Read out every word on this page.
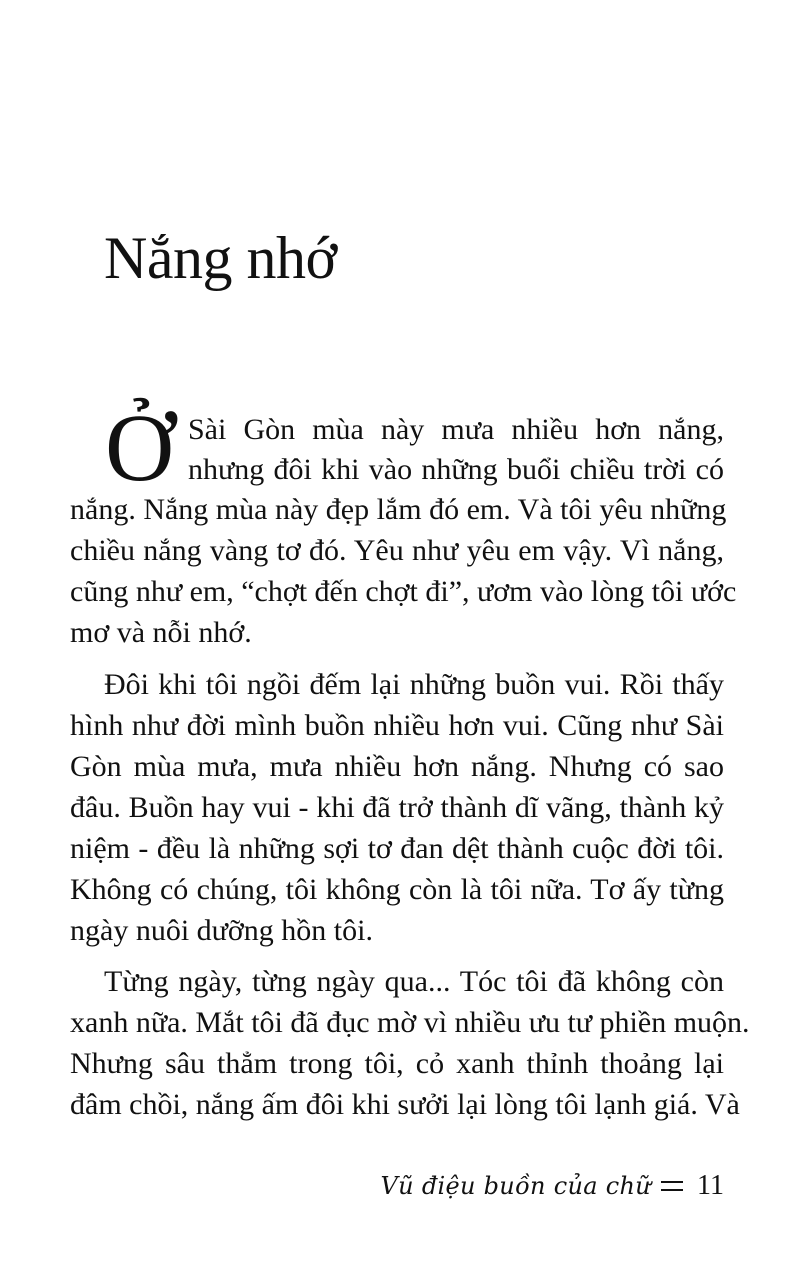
Nắng nhớ
Ở Sài Gòn mùa này mưa nhiều hơn nắng,
nhưng đôi khi vào những buổi chiều trời có
nắng. Nắng mùa này đẹp lắm đó em. Và tôi yêu những
chiều nắng vàng tơ đó. Yêu như yêu em vậy. Vì nắng,
cũng như em, “chợt đến chợt đi”, ươm vào lòng tôi ước
mơ và nỗi nhớ.
Đôi khi tôi ngồi đếm lại những buồn vui. Rồi thấy
hình như đời mình buồn nhiều hơn vui. Cũng như Sài
Gòn mùa mưa, mưa nhiều hơn nắng. Nhưng có sao
đâu. Buồn hay vui - khi đã trở thành dĩ vãng, thành kỷ
niệm - đều là những sợi tơ đan dệt thành cuộc đời tôi.
Không có chúng, tôi không còn là tôi nữa. Tơ ấy từng
ngày nuôi dưỡng hồn tôi.
Từng ngày, từng ngày qua... Tóc tôi đã không còn
xanh nữa. Mắt tôi đã đục mờ vì nhiều ưu tư phiền muộn.
Nhưng sâu thẳm trong tôi, cỏ xanh thỉnh thoảng lại
đâm chồi, nắng ấm đôi khi sưởi lại lòng tôi lạnh giá. Và
Vũ điệu buồn của chữ 11
